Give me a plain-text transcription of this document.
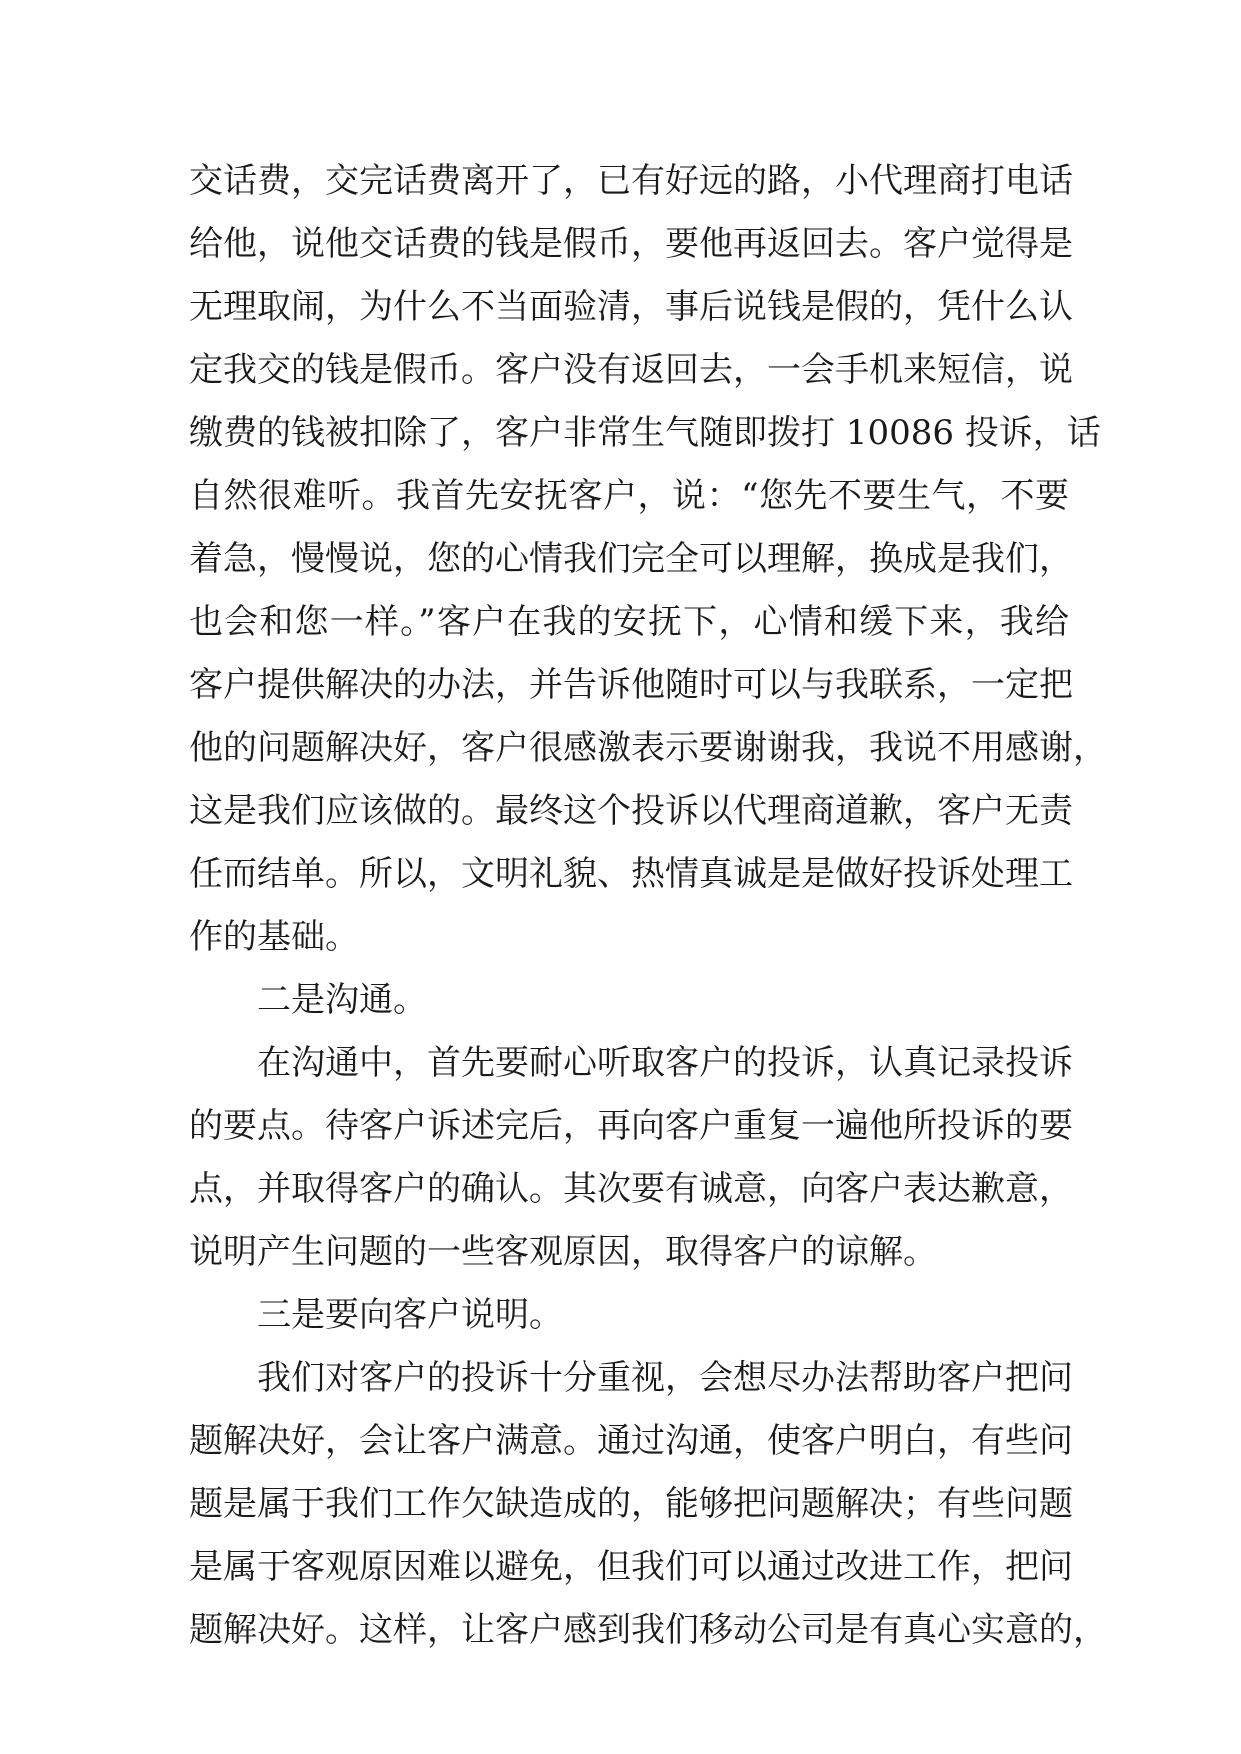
交话费，交完话费离开了，已有好远的路，小代理商打电话
给他，说他交话费的钱是假币，要他再返回去。客户觉得是
无理取闹，为什么不当面验清，事后说钱是假的，凭什么认
定我交的钱是假币。客户没有返回去，一会手机来短信，说
缴费的钱被扣除了，客户非常生气随即拨打 10086 投诉，话
自然很难听。我首先安抚客户，说：“您先不要生气，不要
着急，慢慢说，您的心情我们完全可以理解，换成是我们，
也会和您一样。”客户在我的安抚下，心情和缓下来，我给
客户提供解决的办法，并告诉他随时可以与我联系，一定把
他的问题解决好，客户很感激表示要谢谢我，我说不用感谢，
这是我们应该做的。最终这个投诉以代理商道歉，客户无责
任而结单。所以，文明礼貌、热情真诚是是做好投诉处理工
作的基础。
二是沟通。
在沟通中，首先要耐心听取客户的投诉，认真记录投诉
的要点。待客户诉述完后，再向客户重复一遍他所投诉的要
点，并取得客户的确认。其次要有诚意，向客户表达歉意，
说明产生问题的一些客观原因，取得客户的谅解。
三是要向客户说明。
我们对客户的投诉十分重视，会想尽办法帮助客户把问
题解决好，会让客户满意。通过沟通，使客户明白，有些问
题是属于我们工作欠缺造成的，能够把问题解决；有些问题
是属于客观原因难以避免，但我们可以通过改进工作，把问
题解决好。这样，让客户感到我们移动公司是有真心实意的，
